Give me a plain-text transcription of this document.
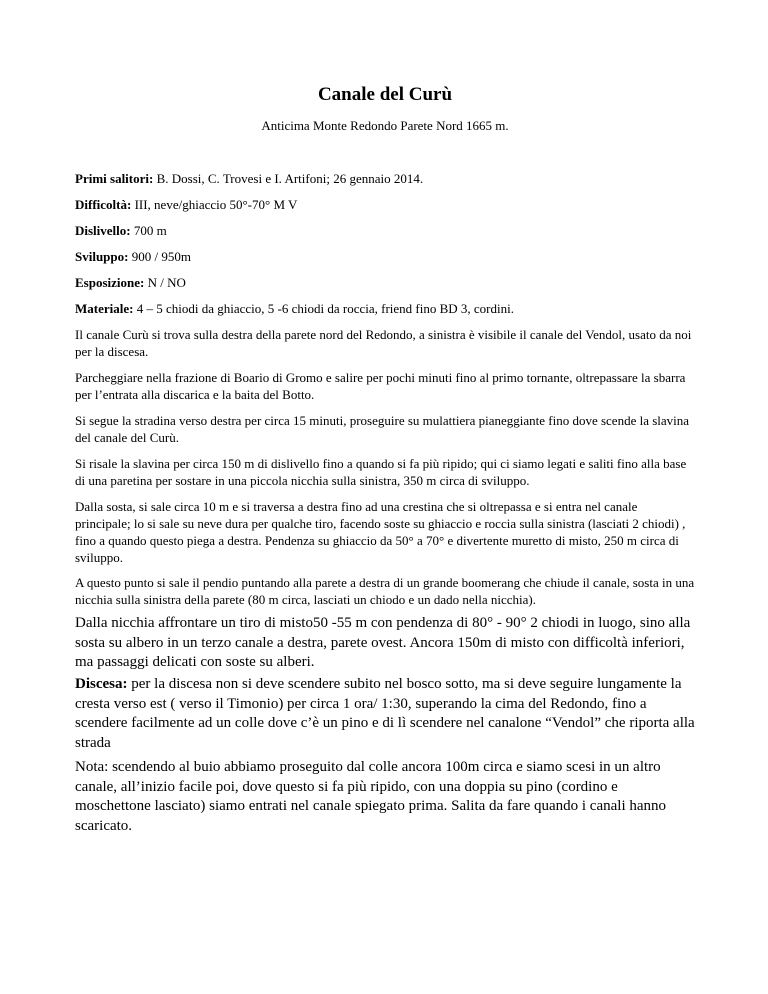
Canale del Curù
Anticima Monte Redondo Parete Nord 1665 m.

Primi salitori: B. Dossi, C. Trovesi e I. Artifoni; 26 gennaio 2014.

Difficoltà: III, neve/ghiaccio 50°-70° M V

Dislivello: 700 m

Sviluppo: 900 / 950m

Esposizione: N / NO

Materiale: 4 – 5 chiodi da ghiaccio, 5 -6 chiodi da roccia, friend fino BD 3, cordini.

Il canale Curù si trova sulla destra della parete nord del Redondo, a sinistra è visibile il canale del Vendol, usato da noi per la discesa.

Parcheggiare nella frazione di Boario di Gromo e salire per pochi minuti fino al primo tornante, oltrepassare la sbarra per l’entrata alla discarica e la baita del Botto.

Si segue la stradina verso destra per circa 15 minuti, proseguire su mulattiera pianeggiante fino dove scende la slavina del canale del Curù.

Si risale la slavina per circa 150 m di dislivello fino a quando si fa più ripido; qui ci siamo legati e saliti fino alla base di una paretina per sostare in una piccola nicchia sulla sinistra, 350 m circa di sviluppo.

Dalla sosta, si sale circa 10 m e si traversa a destra fino ad una crestina che si oltrepassa e si entra nel canale principale; lo si sale su neve dura per qualche tiro, facendo soste su ghiaccio e roccia sulla sinistra (lasciati 2 chiodi) , fino a quando questo piega a destra. Pendenza su ghiaccio da 50° a 70° e divertente muretto di misto, 250 m circa di sviluppo.

A questo punto si sale il pendio puntando alla parete a destra di un grande boomerang che chiude il canale, sosta in una nicchia sulla sinistra della parete (80 m circa, lasciati un chiodo e un dado nella nicchia).

Dalla nicchia affrontare un tiro di misto50 -55 m con pendenza di 80° - 90° 2 chiodi in luogo, sino alla sosta su albero in un terzo canale a destra, parete ovest. Ancora 150m di misto con difficoltà inferiori, ma passaggi delicati con soste su alberi.

Discesa: per la discesa non si deve scendere subito nel bosco sotto, ma si deve seguire lungamente la cresta verso est ( verso il Timonio) per circa 1 ora/ 1:30, superando la cima del Redondo, fino a scendere facilmente ad un colle dove c’è un pino e di lì scendere nel canalone “Vendol” che riporta alla strada

Nota: scendendo al buio abbiamo proseguito dal colle ancora 100m circa e siamo scesi in un altro canale, all’inizio facile poi, dove questo si fa più ripido, con una doppia su pino (cordino e moschettone lasciato) siamo entrati nel canale spiegato prima. Salita da fare quando i canali hanno scaricato.
